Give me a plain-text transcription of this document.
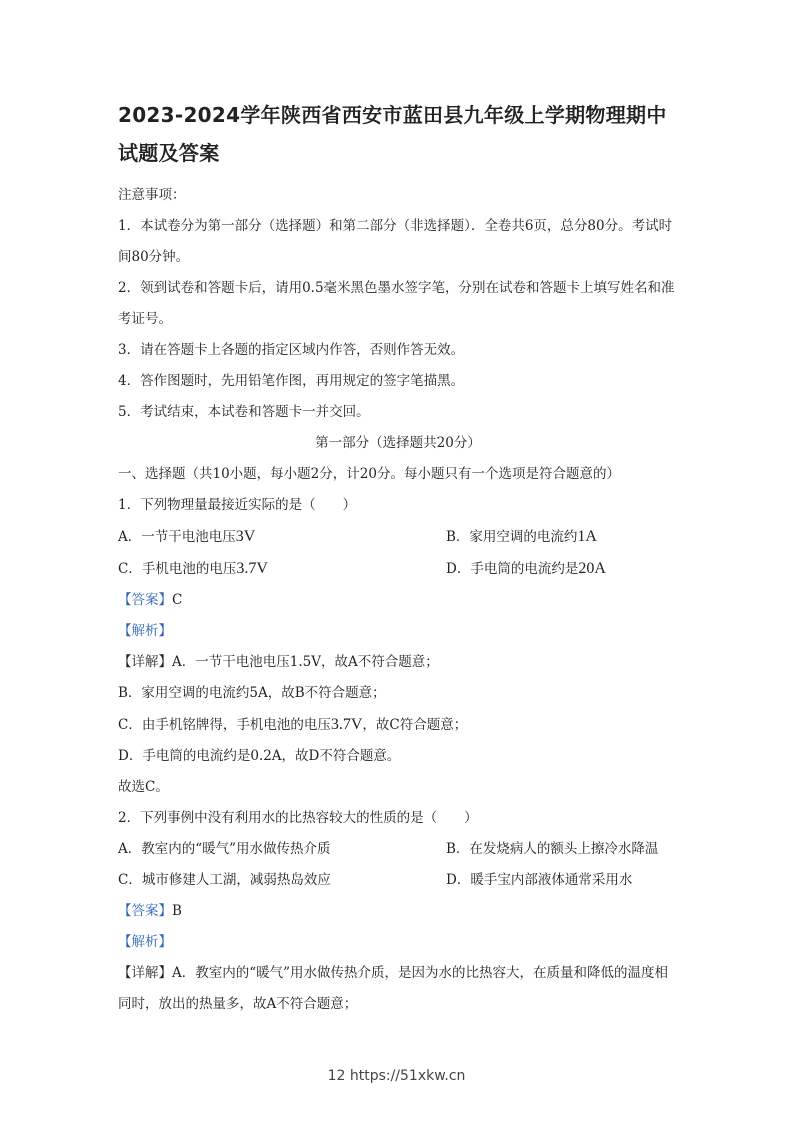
2023-2024学年陕西省西安市蓝田县九年级上学期物理期中
试题及答案
注意事项：
1．本试卷分为第一部分（选择题）和第二部分（非选择题）．全卷共6页，总分80分。考试时间80分钟。
2．领到试卷和答题卡后，请用0.5毫米黑色墨水签字笔，分别在试卷和答题卡上填写姓名和准考证号。
3．请在答题卡上各题的指定区域内作答，否则作答无效。
4．答作图题时，先用铅笔作图，再用规定的签字笔描黑。
5．考试结束，本试卷和答题卡一并交回。
第一部分（选择题共20分）
一、选择题（共10小题，每小题2分，计20分。每小题只有一个选项是符合题意的）
1．下列物理量最接近实际的是（　　）
A．一节干电池电压3V	B．家用空调的电流约1A
C．手机电池的电压3.7V	D．手电筒的电流约是20A
【答案】C
【解析】
【详解】A．一节干电池电压1.5V，故A不符合题意；
B．家用空调的电流约5A，故B不符合题意；
C．由手机铭牌得，手机电池的电压3.7V，故C符合题意；
D．手电筒的电流约是0.2A，故D不符合题意。
故选C。
2．下列事例中没有利用水的比热容较大的性质的是（　　）
A．教室内的“暖气”用水做传热介质	B．在发烧病人的额头上擦冷水降温
C．城市修建人工湖，减弱热岛效应	D．暖手宝内部液体通常采用水
【答案】B
【解析】
【详解】A．教室内的“暖气”用水做传热介质，是因为水的比热容大，在质量和降低的温度相同时，放出的热量多，故A不符合题意；
12 https://51xkw.cn
